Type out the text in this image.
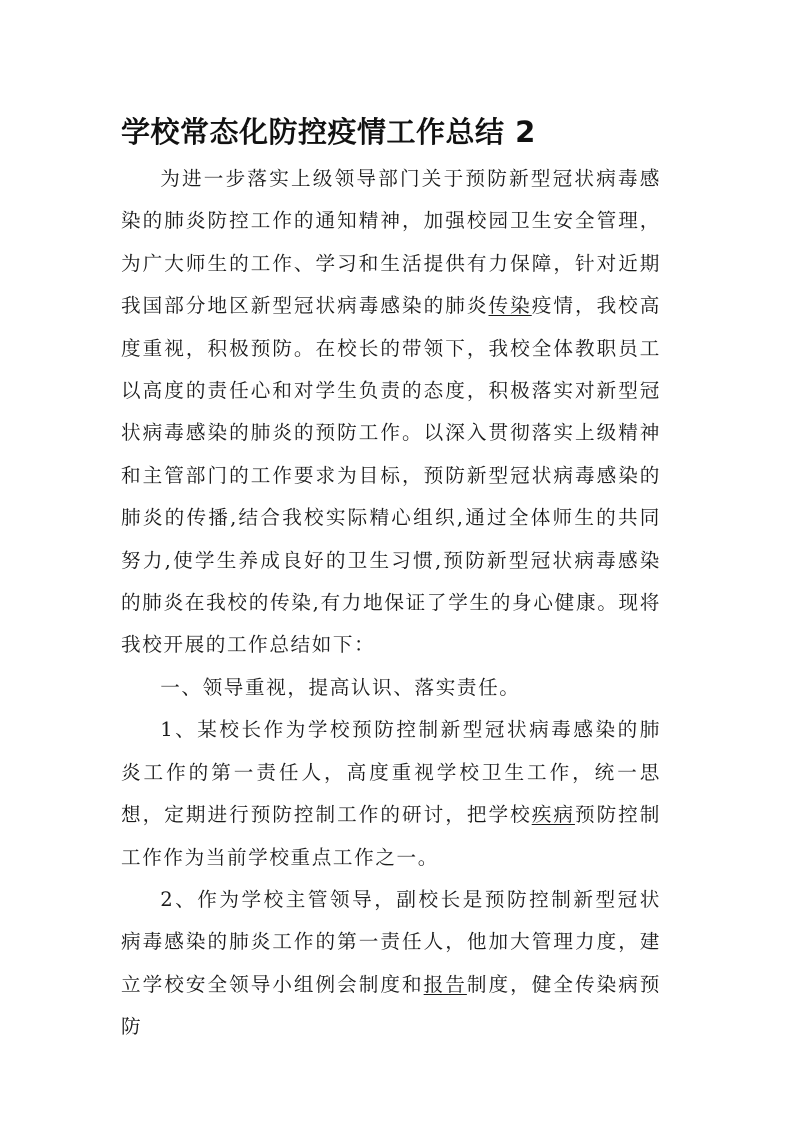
学校常态化防控疫情工作总结 2

为进一步落实上级领导部门关于预防新型冠状病毒感染的肺炎防控工作的通知精神，加强校园卫生安全管理，为广大师生的工作、学习和生活提供有力保障，针对近期我国部分地区新型冠状病毒感染的肺炎传染疫情，我校高度重视，积极预防。在校长的带领下，我校全体教职员工以高度的责任心和对学生负责的态度，积极落实对新型冠状病毒感染的肺炎的预防工作。以深入贯彻落实上级精神和主管部门的工作要求为目标，预防新型冠状病毒感染的肺炎的传播,结合我校实际精心组织,通过全体师生的共同努力,使学生养成良好的卫生习惯,预防新型冠状病毒感染的肺炎在我校的传染,有力地保证了学生的身心健康。现将我校开展的工作总结如下：

一、领导重视，提高认识、落实责任。

1、某校长作为学校预防控制新型冠状病毒感染的肺炎工作的第一责任人，高度重视学校卫生工作，统一思想，定期进行预防控制工作的研讨，把学校疾病预防控制工作作为当前学校重点工作之一。

2、作为学校主管领导，副校长是预防控制新型冠状病毒感染的肺炎工作的第一责任人，他加大管理力度，建立学校安全领导小组例会制度和报告制度，健全传染病预防
